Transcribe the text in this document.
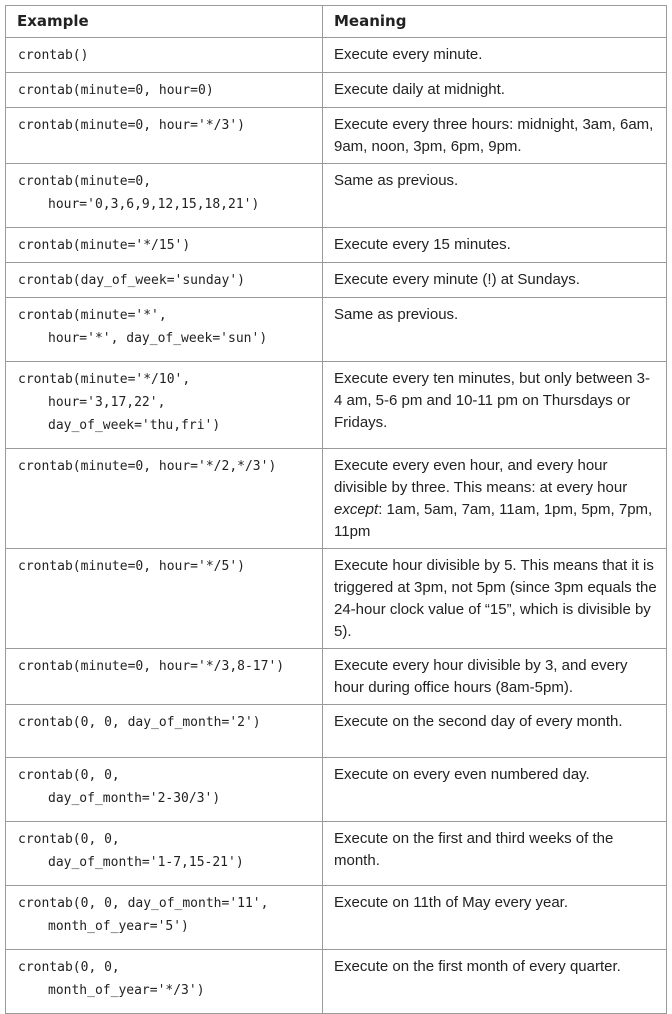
Example	Meaning

crontab()	Execute every minute.

crontab(minute=0, hour=0)	Execute daily at midnight.

crontab(minute=0, hour='*/3')	Execute every three hours: midnight, 3am, 6am, 9am, noon, 3pm, 6pm, 9pm.

crontab(minute=0,
hour='0,3,6,9,12,15,18,21')	Same as previous.

crontab(minute='*/15')	Execute every 15 minutes.

crontab(day_of_week='sunday')	Execute every minute (!) at Sundays.

crontab(minute='*',
hour='*', day_of_week='sun')	Same as previous.

crontab(minute='*/10',
hour='3,17,22',
day_of_week='thu,fri')	Execute every ten minutes, but only between 3-4 am, 5-6 pm and 10-11 pm on Thursdays or Fridays.

crontab(minute=0, hour='*/2,*/3')	Execute every even hour, and every hour divisible by three. This means: at every hour except: 1am, 5am, 7am, 11am, 1pm, 5pm, 7pm, 11pm

crontab(minute=0, hour='*/5')	Execute hour divisible by 5. This means that it is triggered at 3pm, not 5pm (since 3pm equals the 24-hour clock value of “15”, which is divisible by 5).

crontab(minute=0, hour='*/3,8-17')	Execute every hour divisible by 3, and every hour during office hours (8am-5pm).

crontab(0, 0, day_of_month='2')	Execute on the second day of every month.

crontab(0, 0,
day_of_month='2-30/3')	Execute on every even numbered day.

crontab(0, 0,
day_of_month='1-7,15-21')	Execute on the first and third weeks of the month.

crontab(0, 0, day_of_month='11',
month_of_year='5')	Execute on 11th of May every year.

crontab(0, 0,
month_of_year='*/3')	Execute on the first month of every quarter.
